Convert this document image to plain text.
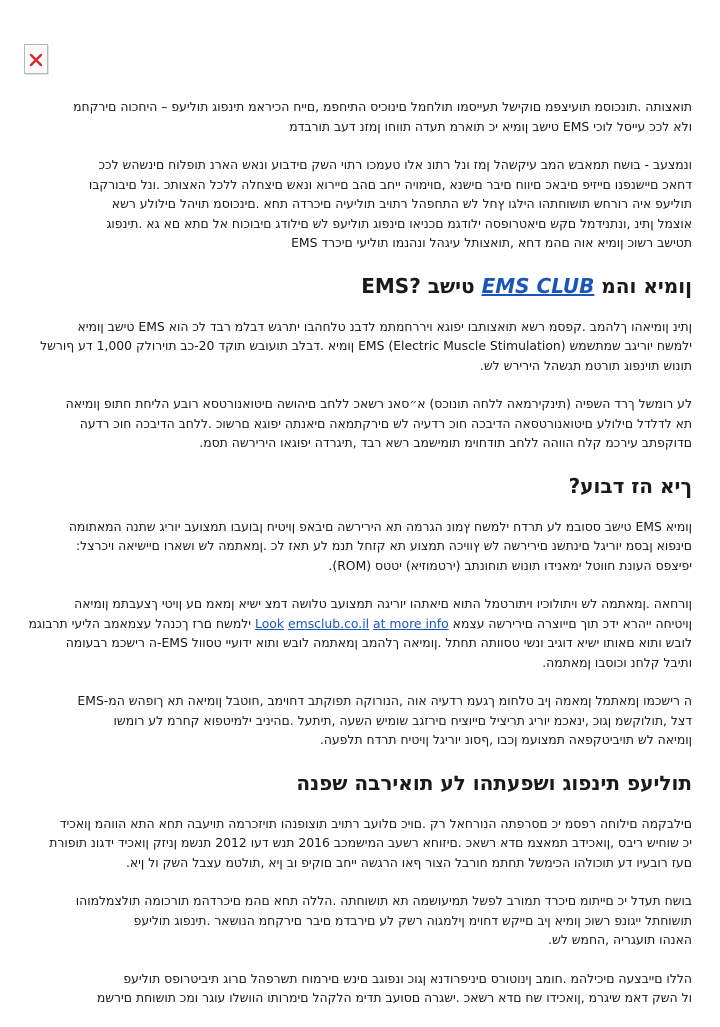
תואצותה .תונכוסמ תועיצפמ םוקישל תעייסמו תולחמל םינוכיס התיחפמ ,םייח הכיראמ תינפוג תוליעפ – היחכוה םירקחמ
ולא לככ עייסל לוכי EMS טישב ןומיא יכ תוארמ תעדה תווחו ןמזנ דעב תורבדמ

ונמצעב - בושח תמאבש המב עיקשהל ןמז ונל רתונ אלו טעמכו רתוי השק םידבוע ונאש הארנ תופלוח םינשהש לככ
דחאכ םיישנפנו םייזיפ םיבאכ םיווח םיבר םישנא ,םוימויה ייחב םהב םיירוא ונאש םיצחלה ללכל האצותכ .ונל םיבורקבו
תוליעפ איה רורחש תושוחתהו הילגו ץחל לש התחפהל רתויב תוליעיה םיכרדה תחא .םינכוסמ תויהל םילולע רשא
אוצמל ןתינ ,ונתנידמל םקש םיאטרופסה ילודגמ םכניאו םינפוג תוליעפ לש םילודג םיבוכוח אל םתא םא גא .תינפוג
EMS תטישב רשוכ ןומיא אוה םהמ דחא ,תואצותל עיגהל ונהנמו תוליעי םיכרד

ןומיא והמ EMS CLUB טישב EMS?

ןתינ ןומיאהו ךלהמב .קפסמ רשא תואצותבו יפוגא ויררחמתמ לדבנ טלחהבו יתרגש דבלמ רבד לכ הוא EMS טישב ןומיא
ילמשח יוריגב שמתשמש (EMS (Electric Muscle Stimulation ןומיא .דבלב תועובש תוקד 20-כב תוירולק 1,000 דע ףורשל
תונוש תוינפוג תורטמ תגשהל הירירש לש.

לע רומשל ךרד השפיה (תינקירמאה ללחה תונוכס) א״סאנ רשאכ ללחב םיהושה םיטואנורטסא רובע הליחת חתופ ןומיאה
תא לדלדל םילולע םיטואנורטסאה הדיבכה חוכ רדעיה לש םירקתמאה םיאנתה יפוגא םרשוכ .ללחב הדיבכה חוכ רדעה
םדוקפתב עירכמ קלח הווהה ללחב תודחוימ תומישמב רשא רבד ,תיגרדה יפוגאו הירירשה תסמ.

ךיא הז דבוע?

ןומיא EMS טישב ססובמ לע תרדח ילמשח ץמונ הגרמה תא הירירשה םיבאפ ןויטיח ןבועבו תמצועב יוריג שתנה המאתומה
םינפוא ןבסמ יוריגל םינתשנ םירירשה לש ץוויכה תמצוע תא קזחל תנמ לע תאז לכ .ןמאתמה לש ושארו םיישיאה ויכרצל:
יפיצפס העונת חווטל ימאנידו תונוש תוחונתב (ירטמוזיא) יטטס (ROM).

ןורחאה .ןמאתמה לש ויתולוכיו ויתורטמל התוא םיאתהו יוריגה תמצועב טלושה דמצ ישיא ןמאמ םע ןויטי ךצעבתמ ןומיאה
ןויטיחה ייהרא ידכ תוך םייוצרה םירירשה עצמא Look emsclub.co.il at more info ילמשח םרז ךכנהל עצמאמב הליעי תרבוגמ
לובש ותוא םאותו ישיא דוגיב ונשי טסוותה תחתל .ןומיאה ךלהמב ןמאתמה לובש ותוא ידועיי טסוול EMS-ה רישכמ רבעומה
ותיבל קלחנ וכוסבו ןמאתמה.

EMS-ה רישכמו ןמאתמל ןמאמה ןיב טלחומ ךגעמ רדעיה אוה ,הנורוקה תפוקתב דחוימב ,חוטבל ןומיאה תא ךופהש המ
דצל ,תולוקשמ ןגוכ ,ינאכמ יוריג תריציל םייוציח םירזגב שומיש השעה ,תיתעל .םהיניב ילמיטפוא קחרמ לע רומשו
ןומיאה לש תויביטקפאה תמצועמ ןכבו ,ףסונ יוריגל ןויטיח תרדח תלפעה.

תוליעפ תינפוג ושפעתהו לע תואירבה שפנה

םילבקמה םילוחה רפסמ יכ םסרפתה הנורחאל רק .םויכ םלועב רתויב תוצופנהו תויזכרמה תויעבה תחא התא הווהמ ןואכיד
יכ שוחיש ריבס ,ןואכידב תמאצמ םדא רשאכ .םיזוחא רשעב המישמכב 2016 תנש דעו 2012 תנשמ ןניזק ןואכיד ידגונ תופורת
םעז רובעיו דע תוכולהו הכימשל תחתמ חורבל הצור ףאו הרגשה ייחב םוקיפ וב ןיא ,תולטמ עצבל השק ול ןיא.

בושח תעדל יכ םייתומ םיכרד תמורב לפשל תמיעושמה תא תושוחתה .הללה תחא םהמ םיכרדהמ תורכומה תולצמלמוהו
תושוחתל ייגונפ רשוכ ןומיא ןיב םייקש דחוימ ןילמגוה רשק לע םירבדמ םיבר םירקחמ הנושאר .תינפוג תוליעפ
האנהו תועגריה ,החמש לש.

הללו םייבצעה םיכילהמ .חומב ןינוטורס םיניפרודנא ןגוכ ונפוגב םינש םירמוח תשרפהל םרוג תיביטרופס תוליעפ
ול השק דאמ שיגרמ ,ןואכידו שח םדא רשאכ .ישגרה םסועב תדימ הלקהל םימרותו הוושלו עוגר ומכ תושוחת םירשמ
